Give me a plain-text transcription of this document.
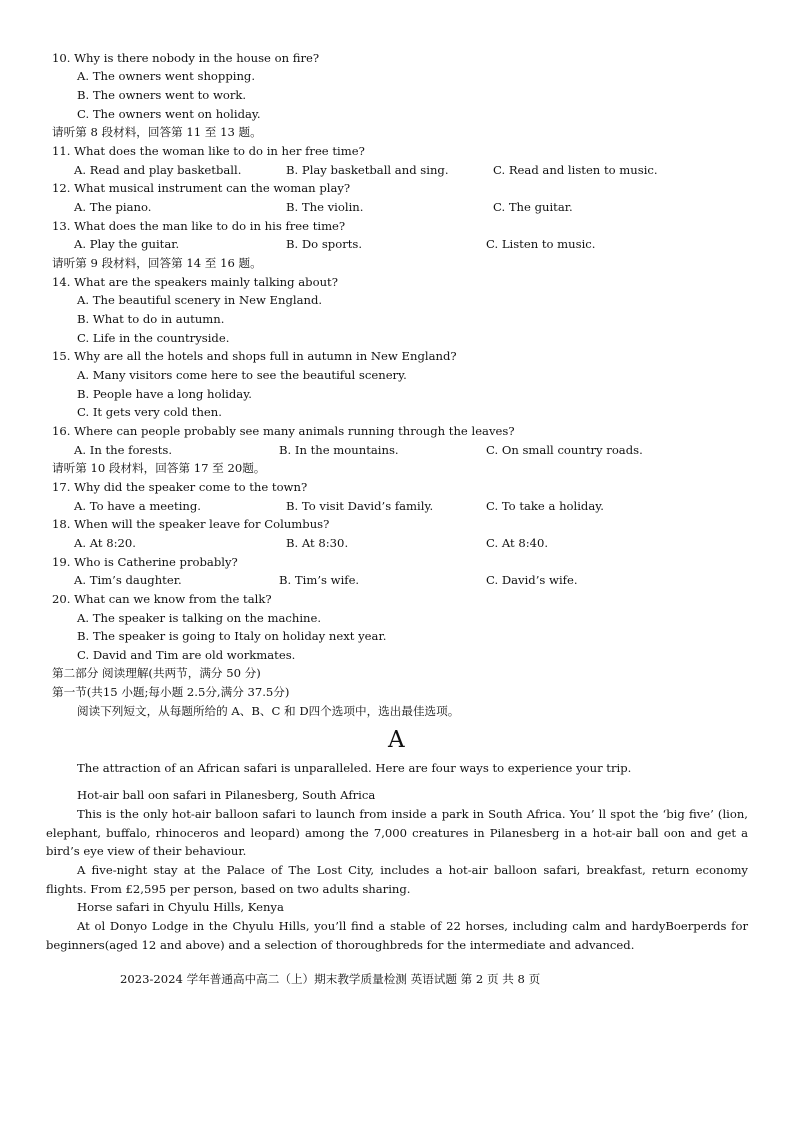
10. Why is there nobody in the house on fire?
A. The owners went shopping.
B. The owners went to work.
C. The owners went on holiday.
请听第 8 段材料，回答第 11 至 13 题。
11. What does the woman like to do in her free time?
A. Read and play basketball.	B. Play basketball and sing.	C. Read and listen to music.
12. What musical instrument can the woman play?
A. The piano.	B. The violin.	C. The guitar.
13. What does the man like to do in his free time?
A. Play the guitar.	B. Do sports.	C. Listen to music.
请听第 9 段材料，回答第 14 至 16 题。
14. What are the speakers mainly talking about?
A. The beautiful scenery in New England.
B. What to do in autumn.
C. Life in the countryside.
15. Why are all the hotels and shops full in autumn in New England?
A. Many visitors come here to see the beautiful scenery.
B. People have a long holiday.
C. It gets very cold then.
16. Where can people probably see many animals running through the leaves?
A. In the forests.	B. In the mountains.	C. On small country roads.
请听第 10 段材料，回答第 17 至 20题。
17. Why did the speaker come to the town?
A. To have a meeting.	B. To visit David’s family.	C. To take a holiday.
18. When will the speaker leave for Columbus?
A. At 8:20.	B. At 8:30.	C. At 8:40.
19. Who is Catherine probably?
A. Tim’s daughter.	B. Tim’s wife.	C. David’s wife.
20. What can we know from the talk?
A. The speaker is talking on the machine.
B. The speaker is going to Italy on holiday next year.
C. David and Tim are old workmates.
第二部分 阅读理解(共两节，满分 50 分)
第一节(共15 小题;每小题 2.5分,满分 37.5分)
阅读下列短文，从每题所给的 A、B、C 和 D四个选项中，选出最佳选项。
A
The attraction of an African safari is unparalleled. Here are four ways to experience your trip.
Hot-air ball oon safari in Pilanesberg, South Africa

This is the only hot-air balloon safari to launch from inside a park in South Africa. You’ ll spot the ‘big five’ (lion, elephant, buffalo, rhinoceros and leopard) among the 7,000 creatures in Pilanesberg in a hot-air ball oon and get a bird’s eye view of their behaviour.

A five-night stay at the Palace of The Lost City, includes a hot-air balloon safari, breakfast, return economy flights. From £2,595 per person, based on two adults sharing.

Horse safari in Chyulu Hills, Kenya

At ol Donyo Lodge in the Chyulu Hills, you’ll find a stable of 22 horses, including calm and hardyBoerperds for beginners(aged 12 and above) and a selection of thoroughbreds for the intermediate and advanced.

2023-2024 学年普通高中高二（上）期末教学质量检测 英语试题 第 2 页 共 8 页
